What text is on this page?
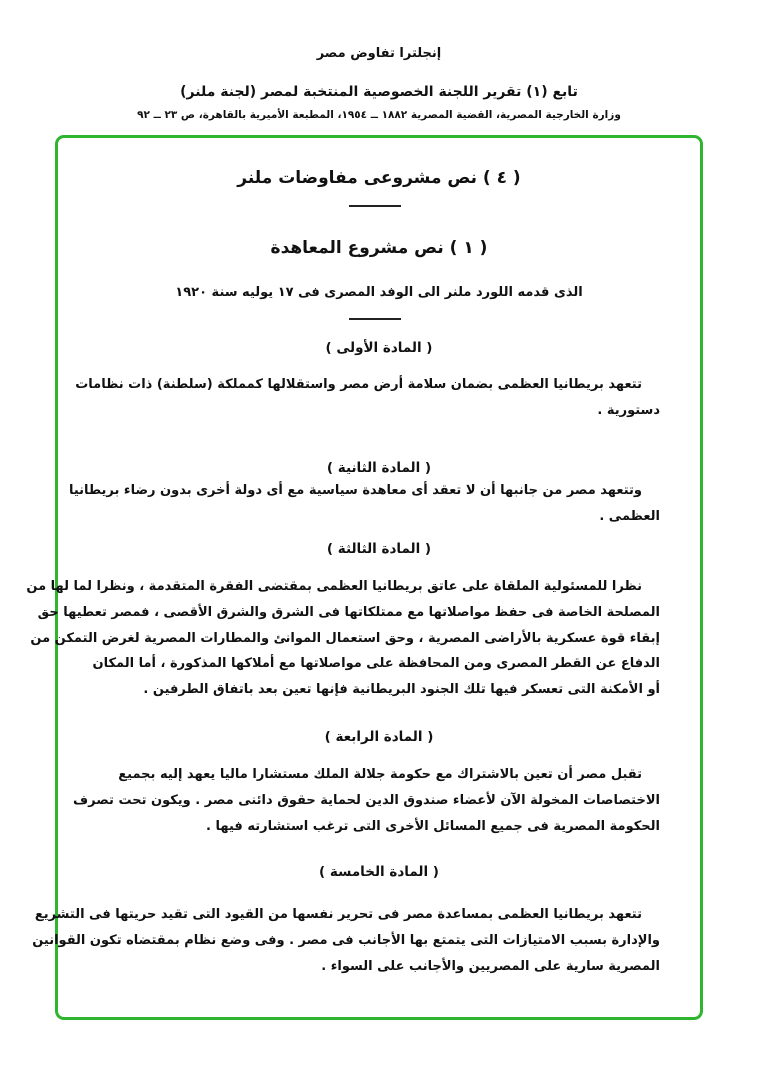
إنجلترا تفاوض مصر
تابع (١) تقرير اللجنة الخصوصية المنتخبة لمصر (لجنة ملنر)
وزارة الخارجية المصرية، القضية المصرية ١٨٨٢ ــ ١٩٥٤، المطبعة الأميرية بالقاهرة، ص ٢٣ ــ ٩٢
( ٤ ) نص مشروعى مفاوضات ملنر
( ١ ) نص مشروع المعاهدة
الذى قدمه اللورد ملنر الى الوفد المصرى فى ١٧ يوليه سنة ١٩٢٠
( المادة الأولى )
تتعهد بريطانيا العظمى بضمان سلامة أرض مصر واستقلالها كمملكة (سلطنة) ذات نظامات
دستورية .
( المادة الثانية )
وتتعهد مصر من جانبها أن لا تعقد أى معاهدة سياسية مع أى دولة أخرى بدون رضاء بريطانيا
العظمى .
( المادة الثالثة )
نظرا للمسئولية الملقاة على عاتق بريطانيا العظمى بمقتضى الفقرة المتقدمة ، ونظرا لما لها من
المصلحة الخاصة فى حفظ مواصلاتها مع ممتلكاتها فى الشرق والشرق الأقصى ، فمصر تعطيها حق
إبقاء قوة عسكرية بالأراضى المصرية ، وحق استعمال الموانئ والمطارات المصرية لغرض التمكن من
الدفاع عن القطر المصرى ومن المحافظة على مواصلاتها مع أملاكها المذكورة ، أما المكان
أو الأمكنة التى تعسكر فيها تلك الجنود البريطانية فإنها تعين بعد باتفاق الطرفين .
( المادة الرابعة )
تقبل مصر أن تعين بالاشتراك مع حكومة جلالة الملك مستشارا ماليا يعهد إليه بجميع
الاختصاصات المخولة الآن لأعضاء صندوق الدين لحماية حقوق دائنى مصر . ويكون تحت تصرف
الحكومة المصرية فى جميع المسائل الأخرى التى ترغب استشارته فيها .
( المادة الخامسة )
تتعهد بريطانيا العظمى بمساعدة مصر فى تحرير نفسها من القيود التى تقيد حريتها فى التشريع
والإدارة بسبب الامتيازات التى يتمتع بها الأجانب فى مصر . وفى وضع نظام بمقتضاه تكون القوانين
المصرية سارية على المصريين والأجانب على السواء .
